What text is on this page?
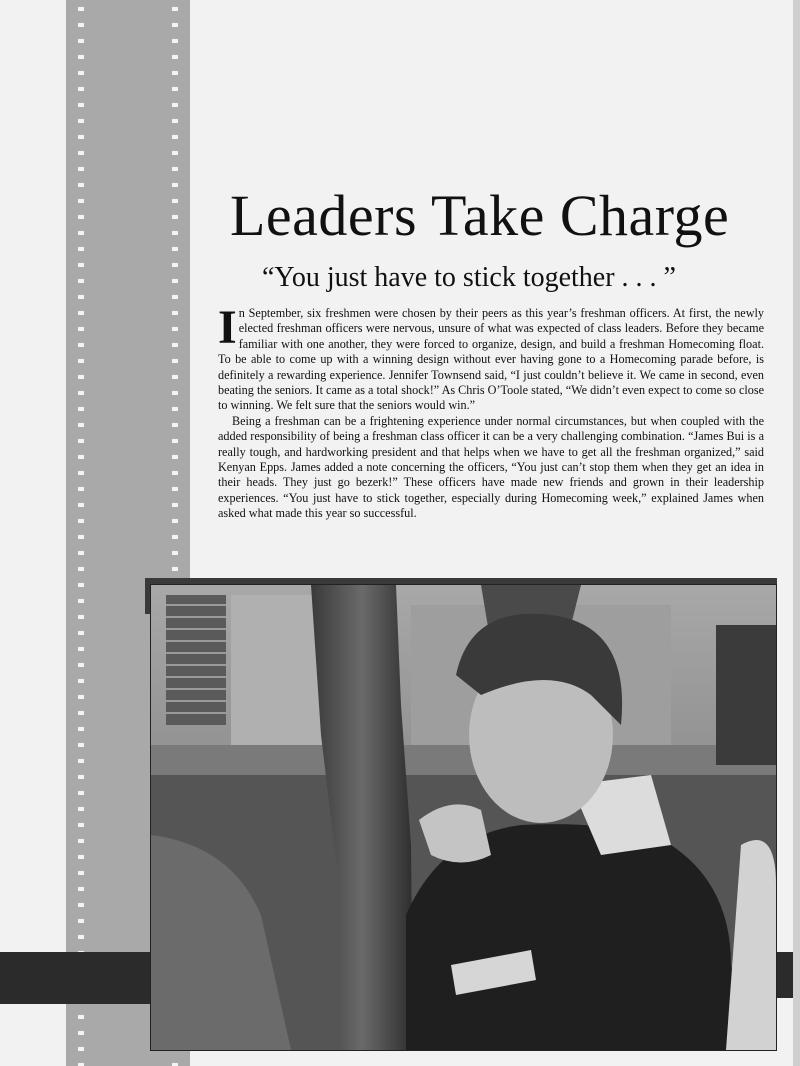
Leaders Take Charge
“You just have to stick together . . . ”

In September, six freshmen were chosen by their peers as this year’s freshman officers. At first, the newly elected freshman officers were nervous, unsure of what was expected of class leaders. Before they became familiar with one another, they were forced to organize, design, and build a freshman Homecoming float. To be able to come up with a winning design without ever having gone to a Homecoming parade before, is definitely a rewarding experience. Jennifer Townsend said, “I just couldn’t believe it. We came in second, even beating the seniors. It came as a total shock!” As Chris O’Toole stated, “We didn’t even expect to come so close to winning. We felt sure that the seniors would win.”

Being a freshman can be a frightening experience under normal circumstances, but when coupled with the added responsibility of being a freshman class officer it can be a very challenging combination. “James Bui is a really tough, and hardworking president and that helps when we have to get all the freshman organized,” said Kenyan Epps. James added a note concerning the officers, “You just can’t stop them when they get an idea in their heads. They just go bezerk!” These officers have made new friends and grown in their leadership experiences. “You just have to stick together, especially during Homecoming week,” explained James when asked what made this year so successful.
